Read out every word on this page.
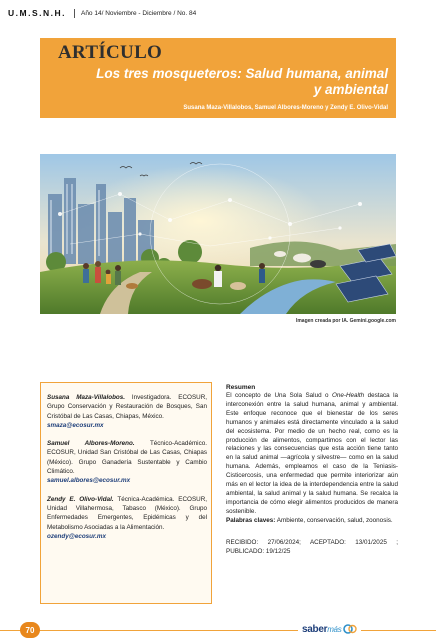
U.M.S.N.H.	Año 14/ Noviembre - Diciembre / No. 84
ARTÍCULO
Los tres mosqueteros: Salud humana, animal y ambiental
Susana Maza-Villalobos, Samuel Albores-Moreno y Zendy E. Olivo-Vidal
Imagen creada por IA. Gemini.google.com

Susana Maza-Villalobos. Investigadora. ECOSUR, Grupo Conservación y Restauración de Bosques, San Cristóbal de Las Casas, Chiapas, México.

smaza@ecosur.mx

Samuel Albores-Moreno. Técnico-Académico. ECOSUR, Unidad San Cristóbal de Las Casas, Chiapas (México). Grupo Ganadería Sustentable y Cambio Climático.

samuel.albores@ecosur.mx

Zendy E. Olivo-Vidal. Técnica-Académica. ECOSUR, Unidad Villahermosa, Tabasco (México). Grupo Enfermedades Emergentes, Epidémicas y del Metabolismo Asociadas a la Alimentación.

ozendy@ecosur.mx
Resumen

El concepto de Una Sola Salud o One-Health destaca la interconexión entre la salud humana, animal y ambiental. Este enfoque reconoce que el bienestar de los seres humanos y animales está directamente vinculado a la salud del ecosistema. Por medio de un hecho real, como es la producción de alimentos, compartimos con el lector las relaciones y las consecuencias que esta acción tiene tanto en la salud animal —agrícola y silvestre— como en la salud humana. Además, empleamos el caso de la Teniasis-Cisticercosis, una enfermedad que permite interiorizar aún más en el lector la idea de la interdependencia entre la salud ambiental, la salud animal y la salud humana. Se recalca la importancia de cómo elegir alimentos producidos de manera sostenible.

Palabras claves: Ambiente, conservación, salud, zoonosis.

RECIBIDO: 27/06/2024; ACEPTADO: 13/01/2025 ; PUBLICADO: 19/12/25

70	sabermás
